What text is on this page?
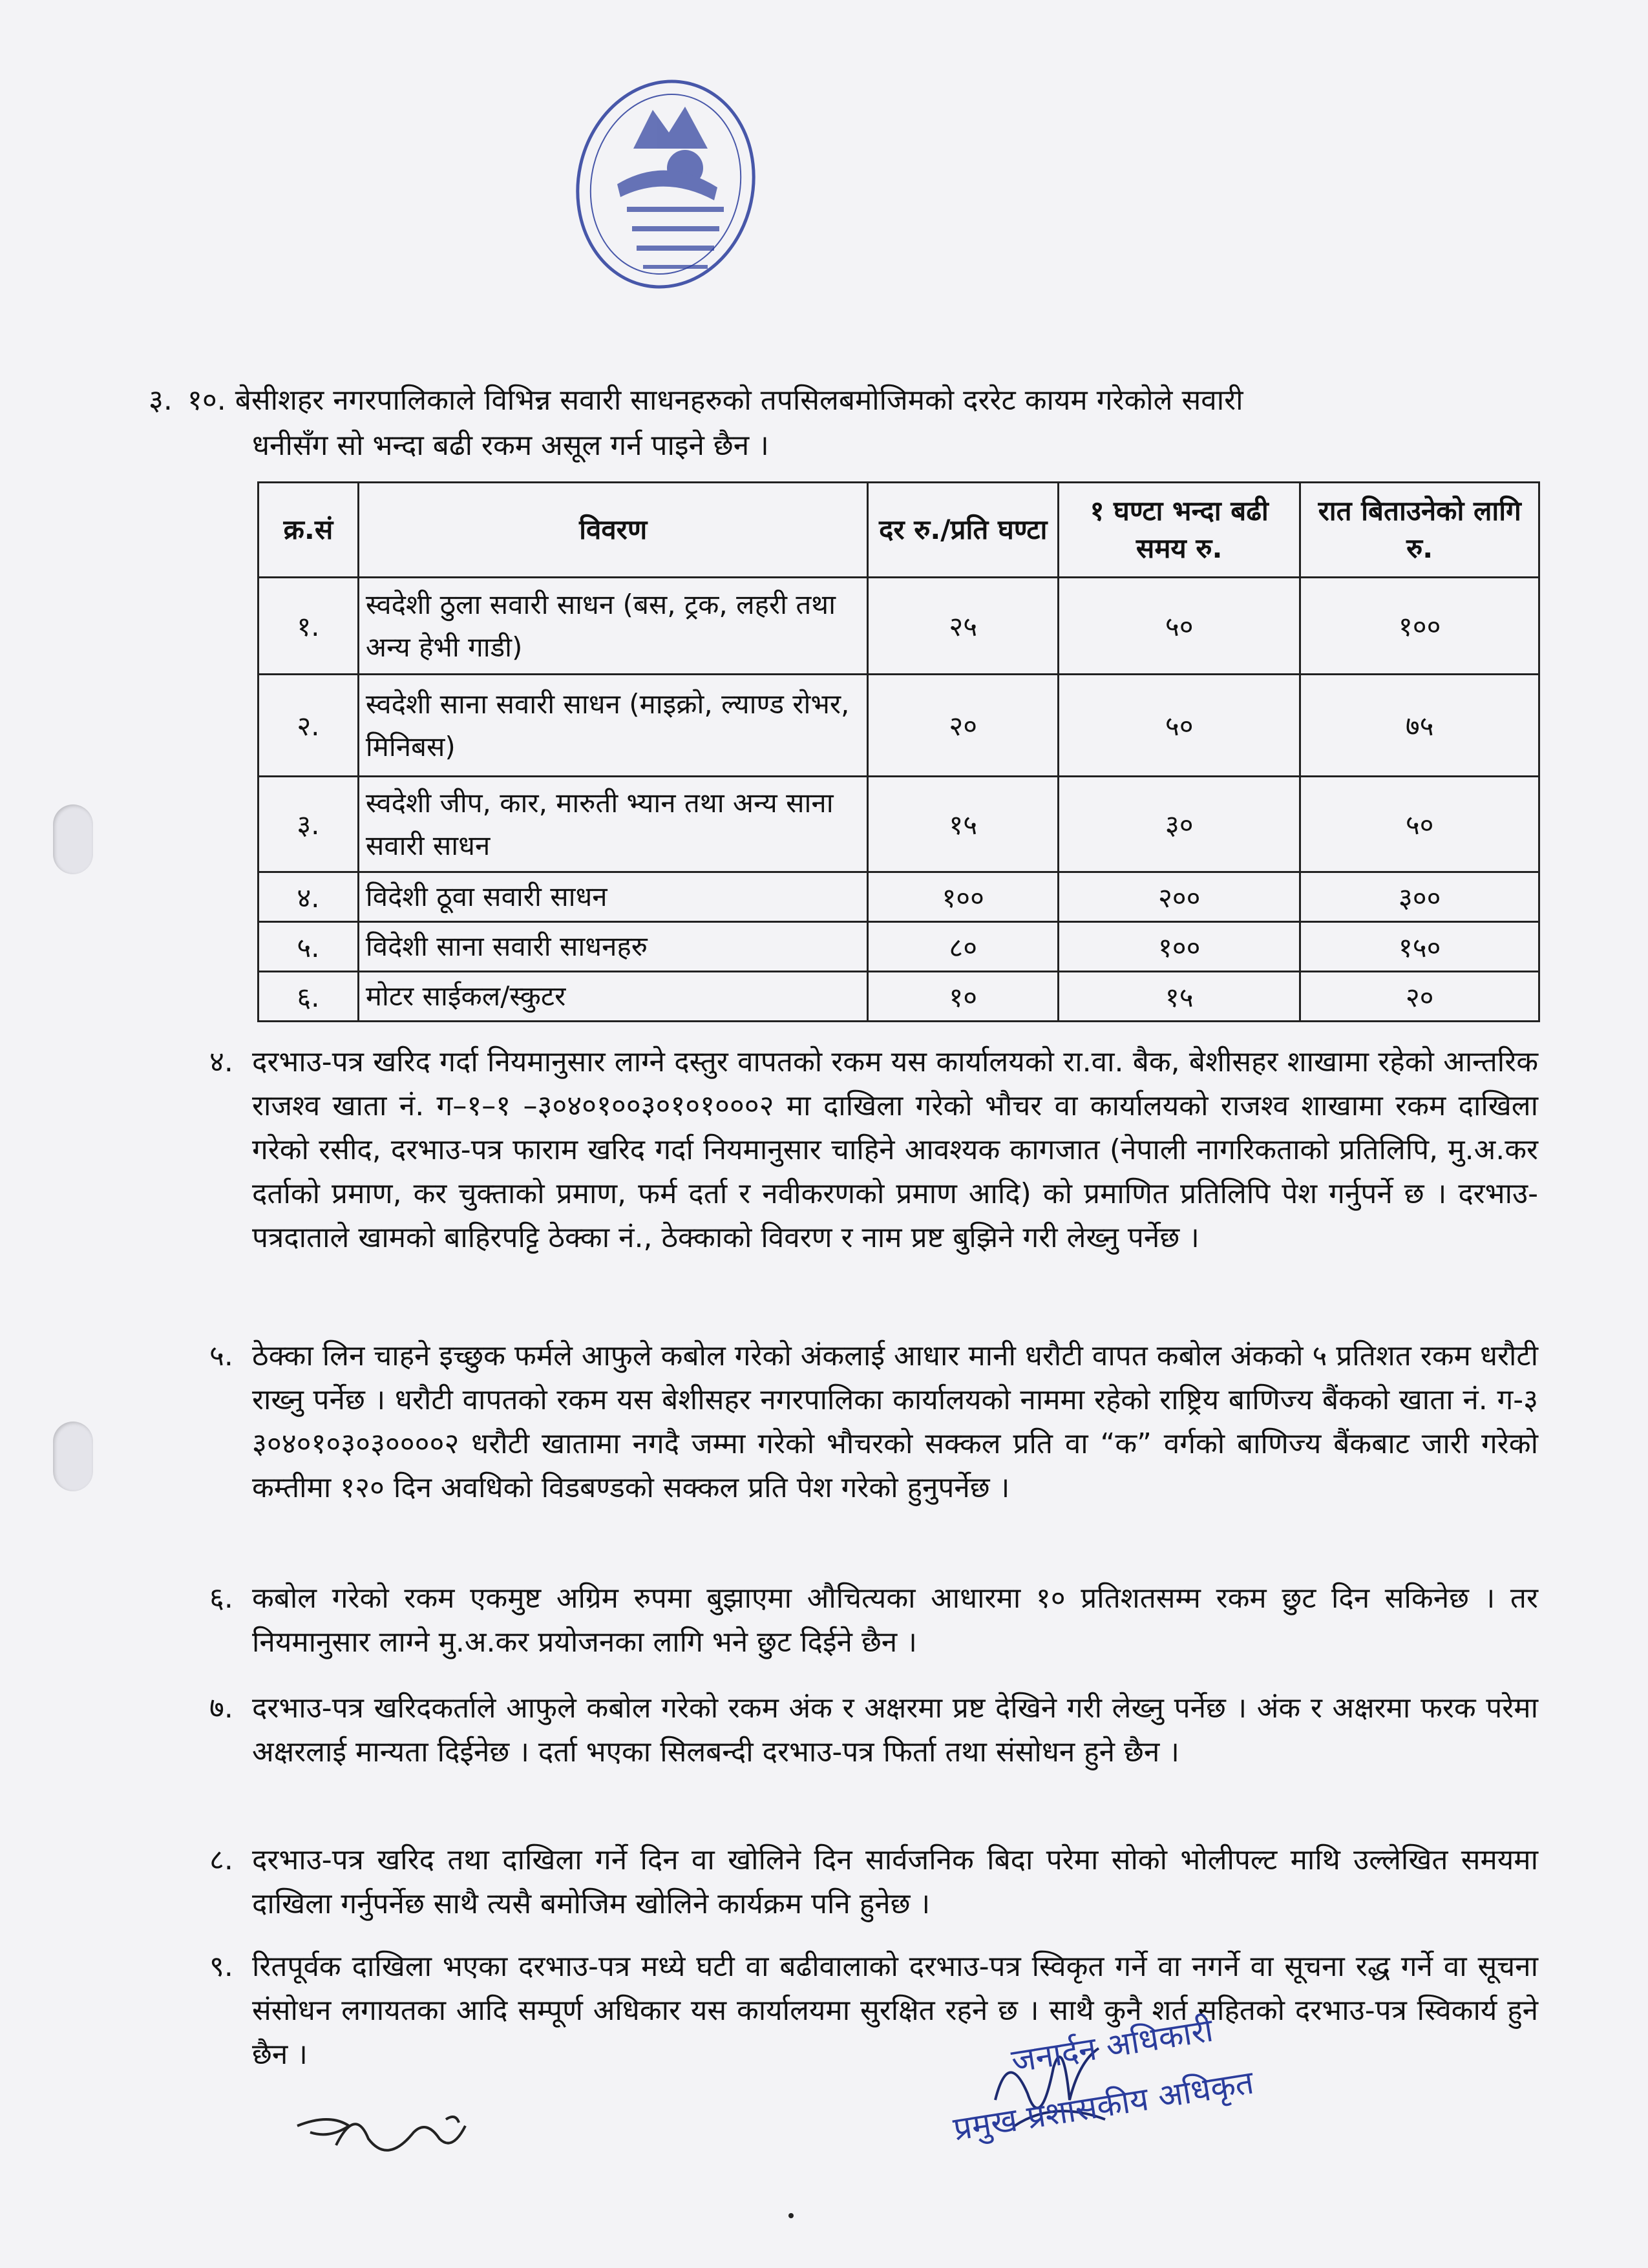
३. १०. बेसीशहर नगरपालिकाले विभिन्न सवारी साधनहरुको तपसिलबमोजिमको दररेट कायम गरेकोले सवारी
धनीसँग सो भन्दा बढी रकम असूल गर्न पाइने छैन ।
क्र.सं	विवरण	दर रु./प्रति घण्टा	१ घण्टा भन्दा बढी समय रु.	रात बिताउनेको लागि रु.
१.	स्वदेशी ठुला सवारी साधन (बस, ट्रक, लहरी तथा अन्य हेभी गाडी)	२५	५०	१००
२.	स्वदेशी साना सवारी साधन (माइक्रो, ल्याण्ड रोभर, मिनिबस)	२०	५०	७५
३.	स्वदेशी जीप, कार, मारुती भ्यान तथा अन्य साना सवारी साधन	१५	३०	५०
४.	विदेशी ठूवा सवारी साधन	१००	२००	३००
५.	विदेशी साना सवारी साधनहरु	८०	१००	१५०
६.	मोटर साईकल/स्कुटर	१०	१५	२०
४. दरभाउ-पत्र खरिद गर्दा नियमानुसार लाग्ने दस्तुर वापतको रकम यस कार्यालयको रा.वा. बैक, बेशीसहर शाखामा रहेको आन्तरिक राजश्व खाता नं. ग–१–१ –३०४०१००३०१०१०००२ मा दाखिला गरेको भौचर वा कार्यालयको राजश्व शाखामा रकम दाखिला गरेको रसीद, दरभाउ-पत्र फाराम खरिद गर्दा नियमानुसार चाहिने आवश्यक कागजात (नेपाली नागरिकताको प्रतिलिपि, मु.अ.कर दर्ताको प्रमाण, कर चुक्ताको प्रमाण, फर्म दर्ता र नवीकरणको प्रमाण आदि) को प्रमाणित प्रतिलिपि पेश गर्नुपर्ने छ । दरभाउ-पत्रदाताले खामको बाहिरपट्टि ठेक्का नं., ठेक्काको विवरण र नाम प्रष्ट बुझिने गरी लेख्नु पर्नेछ ।
५. ठेक्का लिन चाहने इच्छुक फर्मले आफुले कबोल गरेको अंकलाई आधार मानी धरौटी वापत कबोल अंकको ५ प्रतिशत रकम धरौटी राख्नु पर्नेछ । धरौटी वापतको रकम यस बेशीसहर नगरपालिका कार्यालयको नाममा रहेको राष्ट्रिय बाणिज्य बैंकको खाता नं. ग-३ ३०४०१०३०३००००२ धरौटी खातामा नगदै जम्मा गरेको भौचरको सक्कल प्रति वा “क” वर्गको बाणिज्य बैंकबाट जारी गरेको कम्तीमा १२० दिन अवधिको विडबण्डको सक्कल प्रति पेश गरेको हुनुपर्नेछ ।
६. कबोल गरेको रकम एकमुष्ट अग्रिम रुपमा बुझाएमा औचित्यका आधारमा १० प्रतिशतसम्म रकम छुट दिन सकिनेछ । तर नियमानुसार लाग्ने मु.अ.कर प्रयोजनका लागि भने छुट दिईने छैन ।
७. दरभाउ-पत्र खरिदकर्ताले आफुले कबोल गरेको रकम अंक र अक्षरमा प्रष्ट देखिने गरी लेख्नु पर्नेछ । अंक र अक्षरमा फरक परेमा अक्षरलाई मान्यता दिईनेछ । दर्ता भएका सिलबन्दी दरभाउ-पत्र फिर्ता तथा संसोधन हुने छैन ।
८. दरभाउ-पत्र खरिद तथा दाखिला गर्ने दिन वा खोलिने दिन सार्वजनिक बिदा परेमा सोको भोलीपल्ट माथि उल्लेखित समयमा दाखिला गर्नुपर्नेछ साथै त्यसै बमोजिम खोलिने कार्यक्रम पनि हुनेछ ।
९. रितपूर्वक दाखिला भएका दरभाउ-पत्र मध्ये घटी वा बढीवालाको दरभाउ-पत्र स्विकृत गर्ने वा नगर्ने वा सूचना रद्ध गर्ने वा सूचना संसोधन लगायतका आदि सम्पूर्ण अधिकार यस कार्यालयमा सुरक्षित रहने छ । साथै कुनै शर्त सहितको दरभाउ-पत्र स्विकार्य हुने छैन ।	जनार्दन अधिकारी
प्रमुख प्रशासकीय अधिकृत
